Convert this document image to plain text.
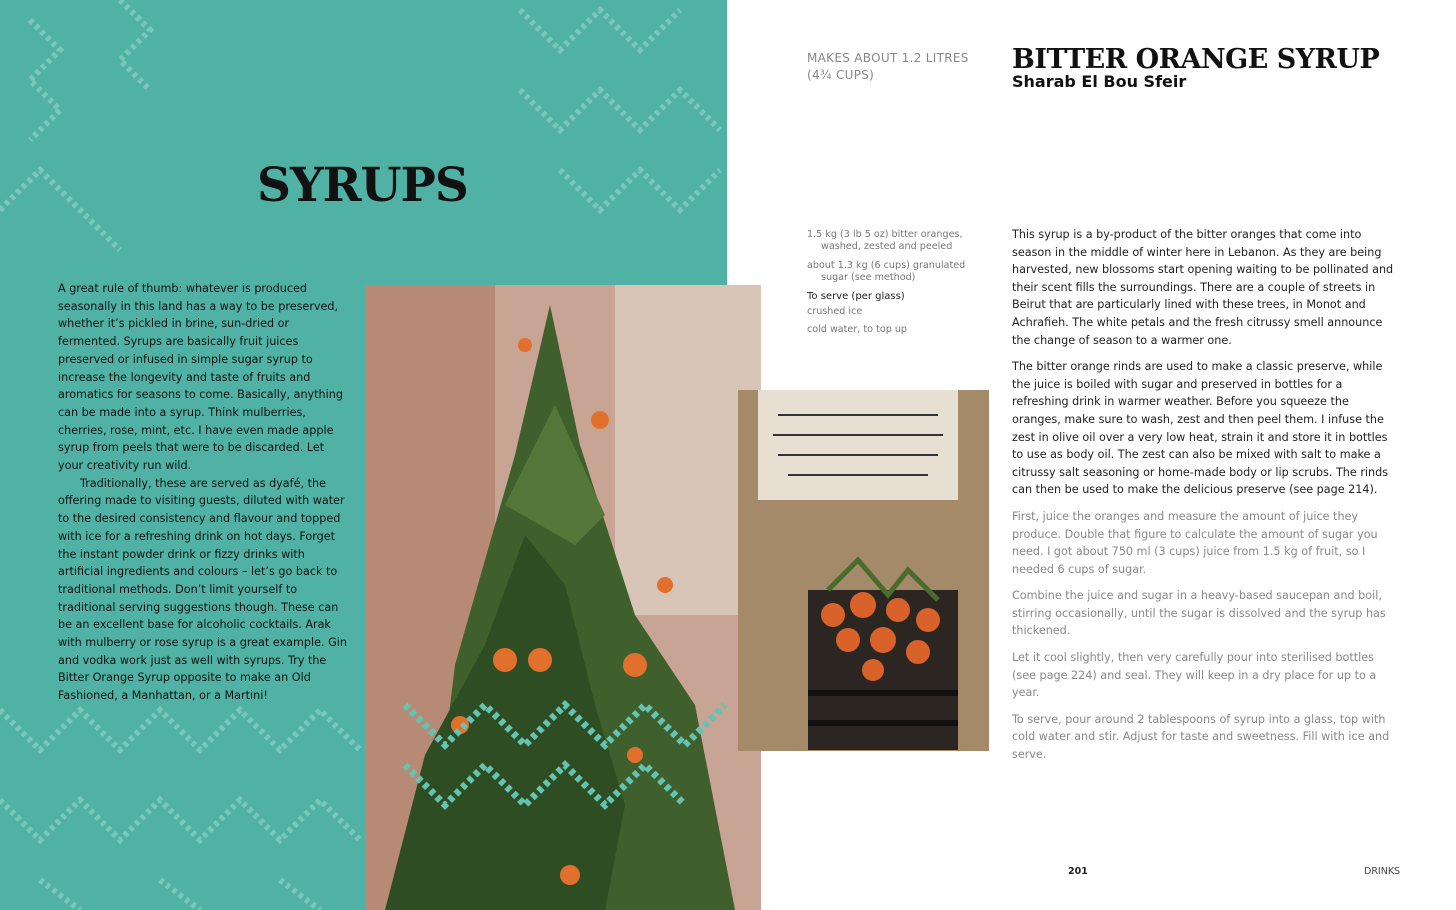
SYRUPS

A great rule of thumb: whatever is produced seasonally in this land has a way to be preserved, whether it’s pickled in brine, sun-dried or fermented. Syrups are basically fruit juices preserved or infused in simple sugar syrup to increase the longevity and taste of fruits and aromatics for seasons to come. Basically, anything can be made into a syrup. Think mulberries, cherries, rose, mint, etc. I have even made apple syrup from peels that were to be discarded. Let your creativity run wild.

Traditionally, these are served as dyafé, the offering made to visiting guests, diluted with water to the desired consistency and flavour and topped with ice for a refreshing drink on hot days. Forget the instant powder drink or fizzy drinks with artificial ingredients and colours – let’s go back to traditional methods. Don’t limit yourself to traditional serving suggestions though. These can be an excellent base for alcoholic cocktails. Arak with mulberry or rose syrup is a great example. Gin and vodka work just as well with syrups. Try the Bitter Orange Syrup opposite to make an Old Fashioned, a Manhattan, or a Martini!

MAKES ABOUT 1.2 LITRES
(4¾ CUPS)	BITTER ORANGE SYRUP

Sharab El Bou Sfeir

1.5 kg (3 lb 5 oz) bitter oranges, washed, zested and peeled

about 1.3 kg (6 cups) granulated sugar (see method)

To serve (per glass)

crushed ice

cold water, to top up

This syrup is a by-product of the bitter oranges that come into season in the middle of winter here in Lebanon. As they are being harvested, new blossoms start opening waiting to be pollinated and their scent fills the surroundings. There are a couple of streets in Beirut that are particularly lined with these trees, in Monot and Achrafieh. The white petals and the fresh citrussy smell announce the change of season to a warmer one.

The bitter orange rinds are used to make a classic preserve, while the juice is boiled with sugar and preserved in bottles for a refreshing drink in warmer weather. Before you squeeze the oranges, make sure to wash, zest and then peel them. I infuse the zest in olive oil over a very low heat, strain it and store it in bottles to use as body oil. The zest can also be mixed with salt to make a citrussy salt seasoning or home-made body or lip scrubs. The rinds can then be used to make the delicious preserve (see page 214).

First, juice the oranges and measure the amount of juice they produce. Double that figure to calculate the amount of sugar you need. I got about 750 ml (3 cups) juice from 1.5 kg of fruit, so I needed 6 cups of sugar.

Combine the juice and sugar in a heavy-based saucepan and boil, stirring occasionally, until the sugar is dissolved and the syrup has thickened.

Let it cool slightly, then very carefully pour into sterilised bottles (see page 224) and seal. They will keep in a dry place for up to a year.

To serve, pour around 2 tablespoons of syrup into a glass, top with cold water and stir. Adjust for taste and sweetness. Fill with ice and serve.

201	DRINKS
